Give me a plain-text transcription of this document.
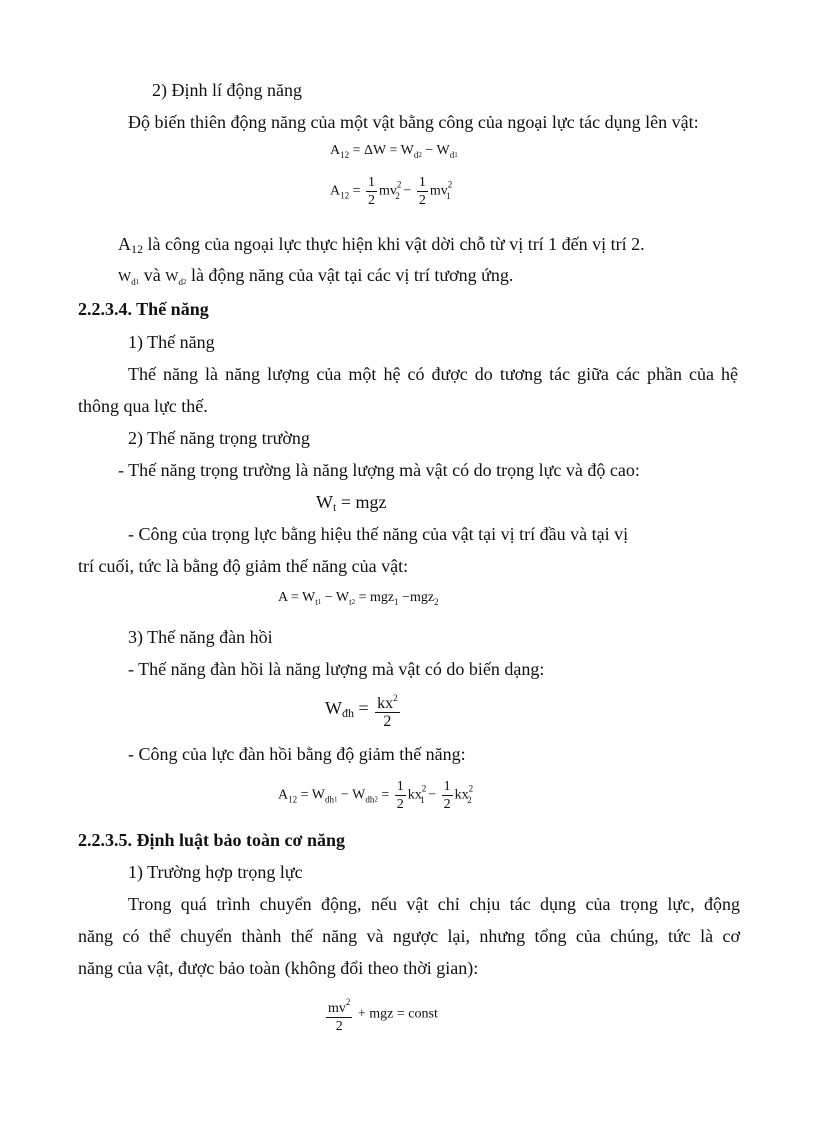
2) Định lí động năng
Độ biến thiên động năng của một vật bằng công của ngoại lực tác dụng lên vật:
$A_{12} = \Delta W = W_{d2} - W_{d1}$
$A_{12} = \frac{1}{2} mv^2_2 - \frac{1}{2} mv^2_1$
A12 là công của ngoại lực thực hiện khi vật dời chỗ từ vị trí 1 đến vị trí 2.
$W_d1$ và $W_d2$ là động năng của vật tại các vị trí tương ứng.
2.2.3.4. Thế năng
1) Thế năng
Thế năng là năng lượng của một hệ có được do tương tác giữa các phần của hệ
thông qua lực thế.
2) Thế năng trọng trường
- Thế năng trọng trường là năng lượng mà vật có do trọng lực và độ cao:
Wt = mgz
- Công của trọng lực bằng hiệu thế năng của vật tại vị trí đầu và tại vị
trí cuối, tức là bằng độ giảm thế năng của vật:
$A = W_{t1} - W_{t2} = mgz_1 -mgz_2$
3) Thế năng đàn hồi
- Thế năng đàn hồi là năng lượng mà vật có do biến dạng:
Wđh = $\frac{kx^2}{2}$
- Công của lực đàn hồi bằng độ giảm thế năng:
$A_{12} = W_{dh1} - W_{dh2} = \frac{1}{2} kx^2_1 - \frac{1}{2} kx^2_2$
2.2.3.5. Định luật bảo toàn cơ năng
1) Trường hợp trọng lực
Trong quá trình chuyển động, nếu vật chỉ chịu tác dụng của trọng lực, động
năng có thể chuyển thành thế năng và ngược lại, nhưng tổng của chúng, tức là cơ
năng của vật, được bảo toàn (không đổi theo thời gian):
$\frac{mv^2}{2}$ + mgz = const
